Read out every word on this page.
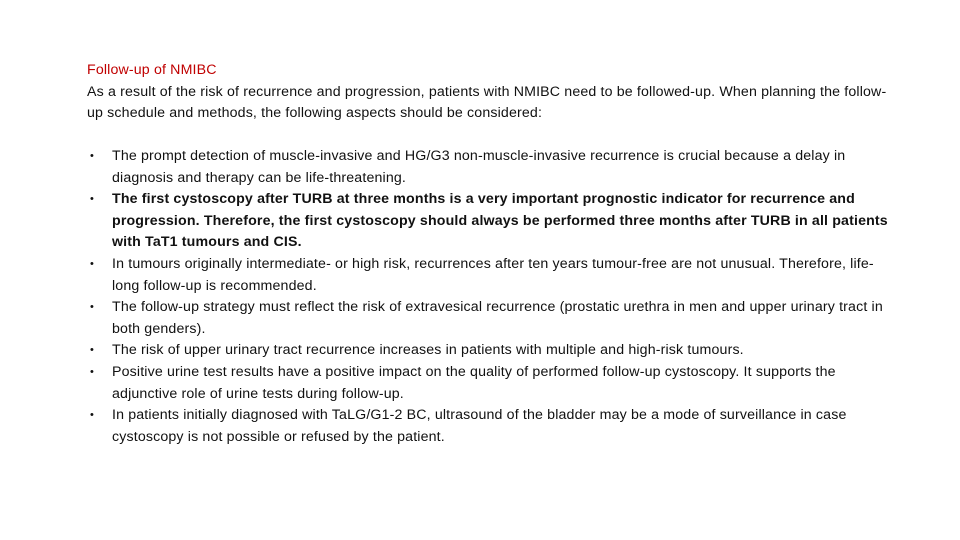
Follow-up of NMIBC

As a result of the risk of recurrence and progression, patients with NMIBC need to be followed-up. When planning the follow-up schedule and methods, the following aspects should be considered:

• The prompt detection of muscle-invasive and HG/G3 non-muscle-invasive recurrence is crucial because a delay in diagnosis and therapy can be life-threatening.
• The first cystoscopy after TURB at three months is a very important prognostic indicator for recurrence and progression. Therefore, the first cystoscopy should always be performed three months after TURB in all patients with TaT1 tumours and CIS.
• In tumours originally intermediate- or high risk, recurrences after ten years tumour-free are not unusual. Therefore, life-long follow-up is recommended.
• The follow-up strategy must reflect the risk of extravesical recurrence (prostatic urethra in men and upper urinary tract in both genders).
• The risk of upper urinary tract recurrence increases in patients with multiple and high-risk tumours.
• Positive urine test results have a positive impact on the quality of performed follow-up cystoscopy. It supports the adjunctive role of urine tests during follow-up.
• In patients initially diagnosed with TaLG/G1-2 BC, ultrasound of the bladder may be a mode of surveillance in case cystoscopy is not possible or refused by the patient.
